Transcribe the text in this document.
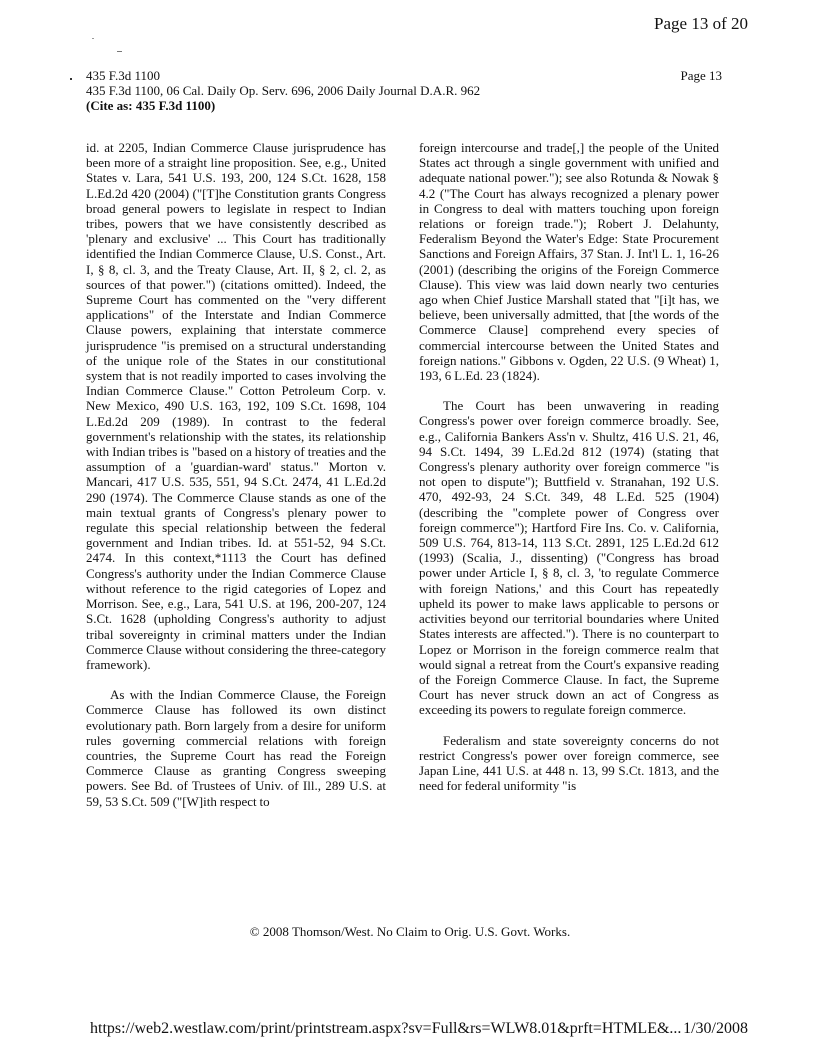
Page 13 of 20
435 F.3d 1100
435 F.3d 1100, 06 Cal. Daily Op. Serv. 696, 2006 Daily Journal D.A.R. 962
(Cite as: 435 F.3d 1100)
Page 13

id. at 2205, Indian Commerce Clause jurisprudence has been more of a straight line proposition. See, e.g., United States v. Lara, 541 U.S. 193, 200, 124 S.Ct. 1628, 158 L.Ed.2d 420 (2004) ("[T]he Constitution grants Congress broad general powers to legislate in respect to Indian tribes, powers that we have consistently described as 'plenary and exclusive' ... This Court has traditionally identified the Indian Commerce Clause, U.S. Const., Art. I, § 8, cl. 3, and the Treaty Clause, Art. II, § 2, cl. 2, as sources of that power.") (citations omitted). Indeed, the Supreme Court has commented on the "very different applications" of the Interstate and Indian Commerce Clause powers, explaining that interstate commerce jurisprudence "is premised on a structural understanding of the unique role of the States in our constitutional system that is not readily imported to cases involving the Indian Commerce Clause." Cotton Petroleum Corp. v. New Mexico, 490 U.S. 163, 192, 109 S.Ct. 1698, 104 L.Ed.2d 209 (1989). In contrast to the federal government's relationship with the states, its relationship with Indian tribes is "based on a history of treaties and the assumption of a 'guardian-ward' status." Morton v. Mancari, 417 U.S. 535, 551, 94 S.Ct. 2474, 41 L.Ed.2d 290 (1974). The Commerce Clause stands as one of the main textual grants of Congress's plenary power to regulate this special relationship between the federal government and Indian tribes. Id. at 551-52, 94 S.Ct. 2474. In this context,*1113 the Court has defined Congress's authority under the Indian Commerce Clause without reference to the rigid categories of Lopez and Morrison. See, e.g., Lara, 541 U.S. at 196, 200-207, 124 S.Ct. 1628 (upholding Congress's authority to adjust tribal sovereignty in criminal matters under the Indian Commerce Clause without considering the three-category framework).

As with the Indian Commerce Clause, the Foreign Commerce Clause has followed its own distinct evolutionary path. Born largely from a desire for uniform rules governing commercial relations with foreign countries, the Supreme Court has read the Foreign Commerce Clause as granting Congress sweeping powers. See Bd. of Trustees of Univ. of Ill., 289 U.S. at 59, 53 S.Ct. 509 ("[W]ith respect to

foreign intercourse and trade[,] the people of the United States act through a single government with unified and adequate national power."); see also Rotunda & Nowak § 4.2 ("The Court has always recognized a plenary power in Congress to deal with matters touching upon foreign relations or foreign trade."); Robert J. Delahunty, Federalism Beyond the Water's Edge: State Procurement Sanctions and Foreign Affairs, 37 Stan. J. Int'l L. 1, 16-26 (2001) (describing the origins of the Foreign Commerce Clause). This view was laid down nearly two centuries ago when Chief Justice Marshall stated that "[i]t has, we believe, been universally admitted, that [the words of the Commerce Clause] comprehend every species of commercial intercourse between the United States and foreign nations." Gibbons v. Ogden, 22 U.S. (9 Wheat) 1, 193, 6 L.Ed. 23 (1824).

The Court has been unwavering in reading Congress's power over foreign commerce broadly. See, e.g., California Bankers Ass'n v. Shultz, 416 U.S. 21, 46, 94 S.Ct. 1494, 39 L.Ed.2d 812 (1974) (stating that Congress's plenary authority over foreign commerce "is not open to dispute"); Buttfield v. Stranahan, 192 U.S. 470, 492-93, 24 S.Ct. 349, 48 L.Ed. 525 (1904) (describing the "complete power of Congress over foreign commerce"); Hartford Fire Ins. Co. v. California, 509 U.S. 764, 813-14, 113 S.Ct. 2891, 125 L.Ed.2d 612 (1993) (Scalia, J., dissenting) ("Congress has broad power under Article I, § 8, cl. 3, 'to regulate Commerce with foreign Nations,' and this Court has repeatedly upheld its power to make laws applicable to persons or activities beyond our territorial boundaries where United States interests are affected."). There is no counterpart to Lopez or Morrison in the foreign commerce realm that would signal a retreat from the Court's expansive reading of the Foreign Commerce Clause. In fact, the Supreme Court has never struck down an act of Congress as exceeding its powers to regulate foreign commerce.

Federalism and state sovereignty concerns do not restrict Congress's power over foreign commerce, see Japan Line, 441 U.S. at 448 n. 13, 99 S.Ct. 1813, and the need for federal uniformity "is

© 2008 Thomson/West. No Claim to Orig. U.S. Govt. Works.
https://web2.westlaw.com/print/printstream.aspx?sv=Full&rs=WLW8.01&prft=HTMLE&... 1/30/2008
